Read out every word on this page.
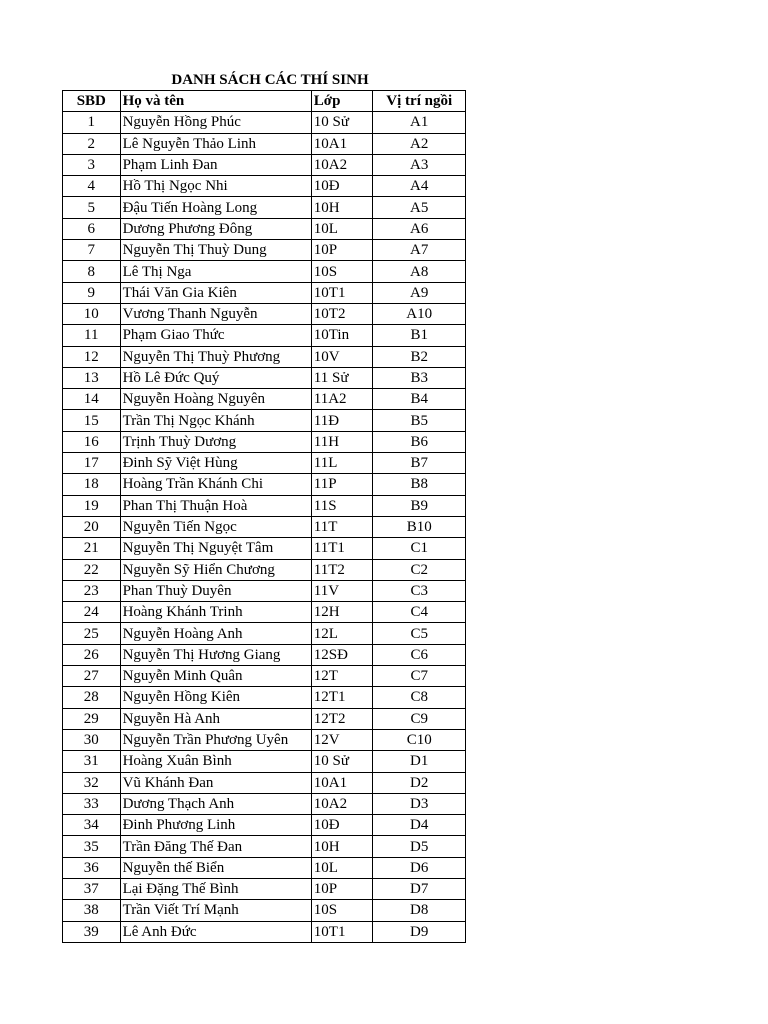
DANH SÁCH CÁC THÍ SINH
SBD	Họ và tên	Lớp	Vị trí ngồi
1	Nguyễn Hồng Phúc	10 Sử	A1
2	Lê Nguyễn Thảo Linh	10A1	A2
3	Phạm Linh Đan	10A2	A3
4	Hồ Thị Ngọc Nhi	10Đ	A4
5	Đậu Tiến Hoàng Long	10H	A5
6	Dương Phương Đông	10L	A6
7	Nguyễn Thị Thuỳ Dung	10P	A7
8	Lê Thị Nga	10S	A8
9	Thái Văn Gia Kiên	10T1	A9
10	Vương Thanh Nguyễn	10T2	A10
11	Phạm Giao Thức	10Tin	B1
12	Nguyễn Thị Thuỳ Phương	10V	B2
13	Hồ Lê Đức Quý	11 Sử	B3
14	Nguyễn Hoàng Nguyên	11A2	B4
15	Trần Thị Ngọc Khánh	11Đ	B5
16	Trịnh Thuỳ Dương	11H	B6
17	Đinh Sỹ Việt Hùng	11L	B7
18	Hoàng Trần Khánh Chi	11P	B8
19	Phan Thị Thuận Hoà	11S	B9
20	Nguyễn Tiến Ngọc	11T	B10
21	Nguyễn Thị Nguyệt Tâm	11T1	C1
22	Nguyễn Sỹ Hiển Chương	11T2	C2
23	Phan Thuỳ Duyên	11V	C3
24	Hoàng Khánh Trinh	12H	C4
25	Nguyễn Hoàng Anh	12L	C5
26	Nguyễn Thị Hương Giang	12SĐ	C6
27	Nguyễn Minh Quân	12T	C7
28	Nguyễn Hồng Kiên	12T1	C8
29	Nguyễn Hà Anh	12T2	C9
30	Nguyễn Trần Phương Uyên	12V	C10
31	Hoàng Xuân Bình	10 Sử	D1
32	Vũ Khánh Đan	10A1	D2
33	Dương Thạch Anh	10A2	D3
34	Đinh Phương Linh	10Đ	D4
35	Trần Đăng Thế Đan	10H	D5
36	Nguyễn thế Biển	10L	D6
37	Lại Đặng Thế Bình	10P	D7
38	Trần Viết Trí Mạnh	10S	D8
39	Lê Anh Đức	10T1	D9
